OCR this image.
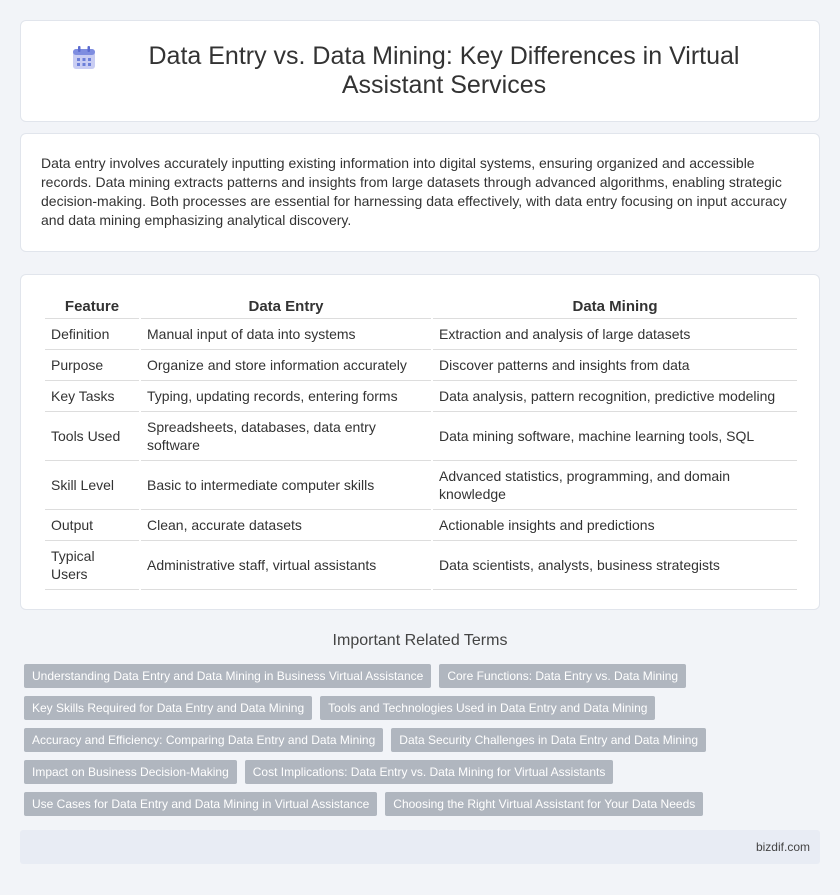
Data Entry vs. Data Mining: Key Differences in Virtual Assistant Services

Data entry involves accurately inputting existing information into digital systems, ensuring organized and accessible records. Data mining extracts patterns and insights from large datasets through advanced algorithms, enabling strategic decision-making. Both processes are essential for harnessing data effectively, with data entry focusing on input accuracy and data mining emphasizing analytical discovery.

Feature	Data Entry	Data Mining
Definition	Manual input of data into systems	Extraction and analysis of large datasets
Purpose	Organize and store information accurately	Discover patterns and insights from data
Key Tasks	Typing, updating records, entering forms	Data analysis, pattern recognition, predictive modeling
Tools Used	Spreadsheets, databases, data entry software	Data mining software, machine learning tools, SQL
Skill Level	Basic to intermediate computer skills	Advanced statistics, programming, and domain knowledge
Output	Clean, accurate datasets	Actionable insights and predictions
Typical Users	Administrative staff, virtual assistants	Data scientists, analysts, business strategists
Important Related Terms
Understanding Data Entry and Data Mining in Business Virtual Assistance	Core Functions: Data Entry vs. Data Mining
Key Skills Required for Data Entry and Data Mining	Tools and Technologies Used in Data Entry and Data Mining
Accuracy and Efficiency: Comparing Data Entry and Data Mining	Data Security Challenges in Data Entry and Data Mining
Impact on Business Decision-Making	Cost Implications: Data Entry vs. Data Mining for Virtual Assistants
Use Cases for Data Entry and Data Mining in Virtual Assistance	Choosing the Right Virtual Assistant for Your Data Needs
bizdif.com
